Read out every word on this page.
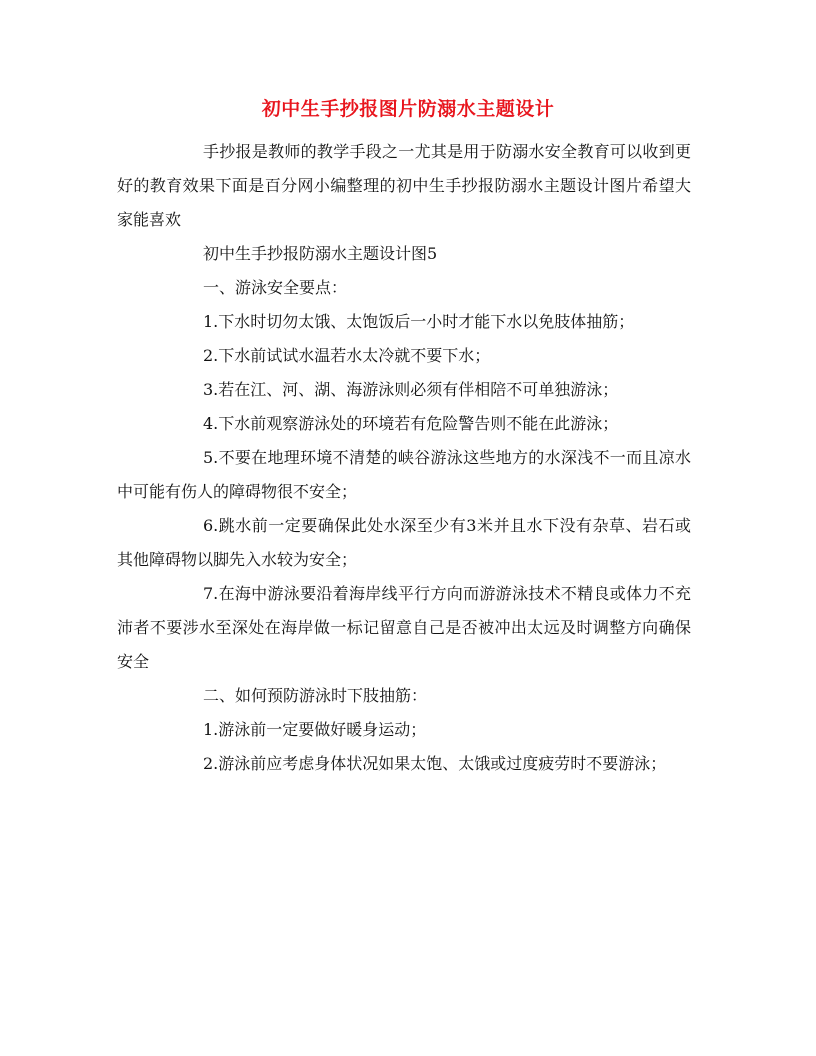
初中生手抄报图片防溺水主题设计

手抄报是教师的教学手段之一尤其是用于防溺水安全教育可以收到更好的教育效果下面是百分网小编整理的初中生手抄报防溺水主题设计图片希望大家能喜欢

初中生手抄报防溺水主题设计图5

一、游泳安全要点：

1.下水时切勿太饿、太饱饭后一小时才能下水以免肢体抽筋；

2.下水前试试水温若水太冷就不要下水；

3.若在江、河、湖、海游泳则必须有伴相陪不可单独游泳；

4.下水前观察游泳处的环境若有危险警告则不能在此游泳；

5.不要在地理环境不清楚的峡谷游泳这些地方的水深浅不一而且凉水中可能有伤人的障碍物很不安全；

6.跳水前一定要确保此处水深至少有3米并且水下没有杂草、岩石或其他障碍物以脚先入水较为安全；

7.在海中游泳要沿着海岸线平行方向而游游泳技术不精良或体力不充沛者不要涉水至深处在海岸做一标记留意自己是否被冲出太远及时调整方向确保安全

二、如何预防游泳时下肢抽筋：

1.游泳前一定要做好暖身运动；

2.游泳前应考虑身体状况如果太饱、太饿或过度疲劳时不要游泳；
